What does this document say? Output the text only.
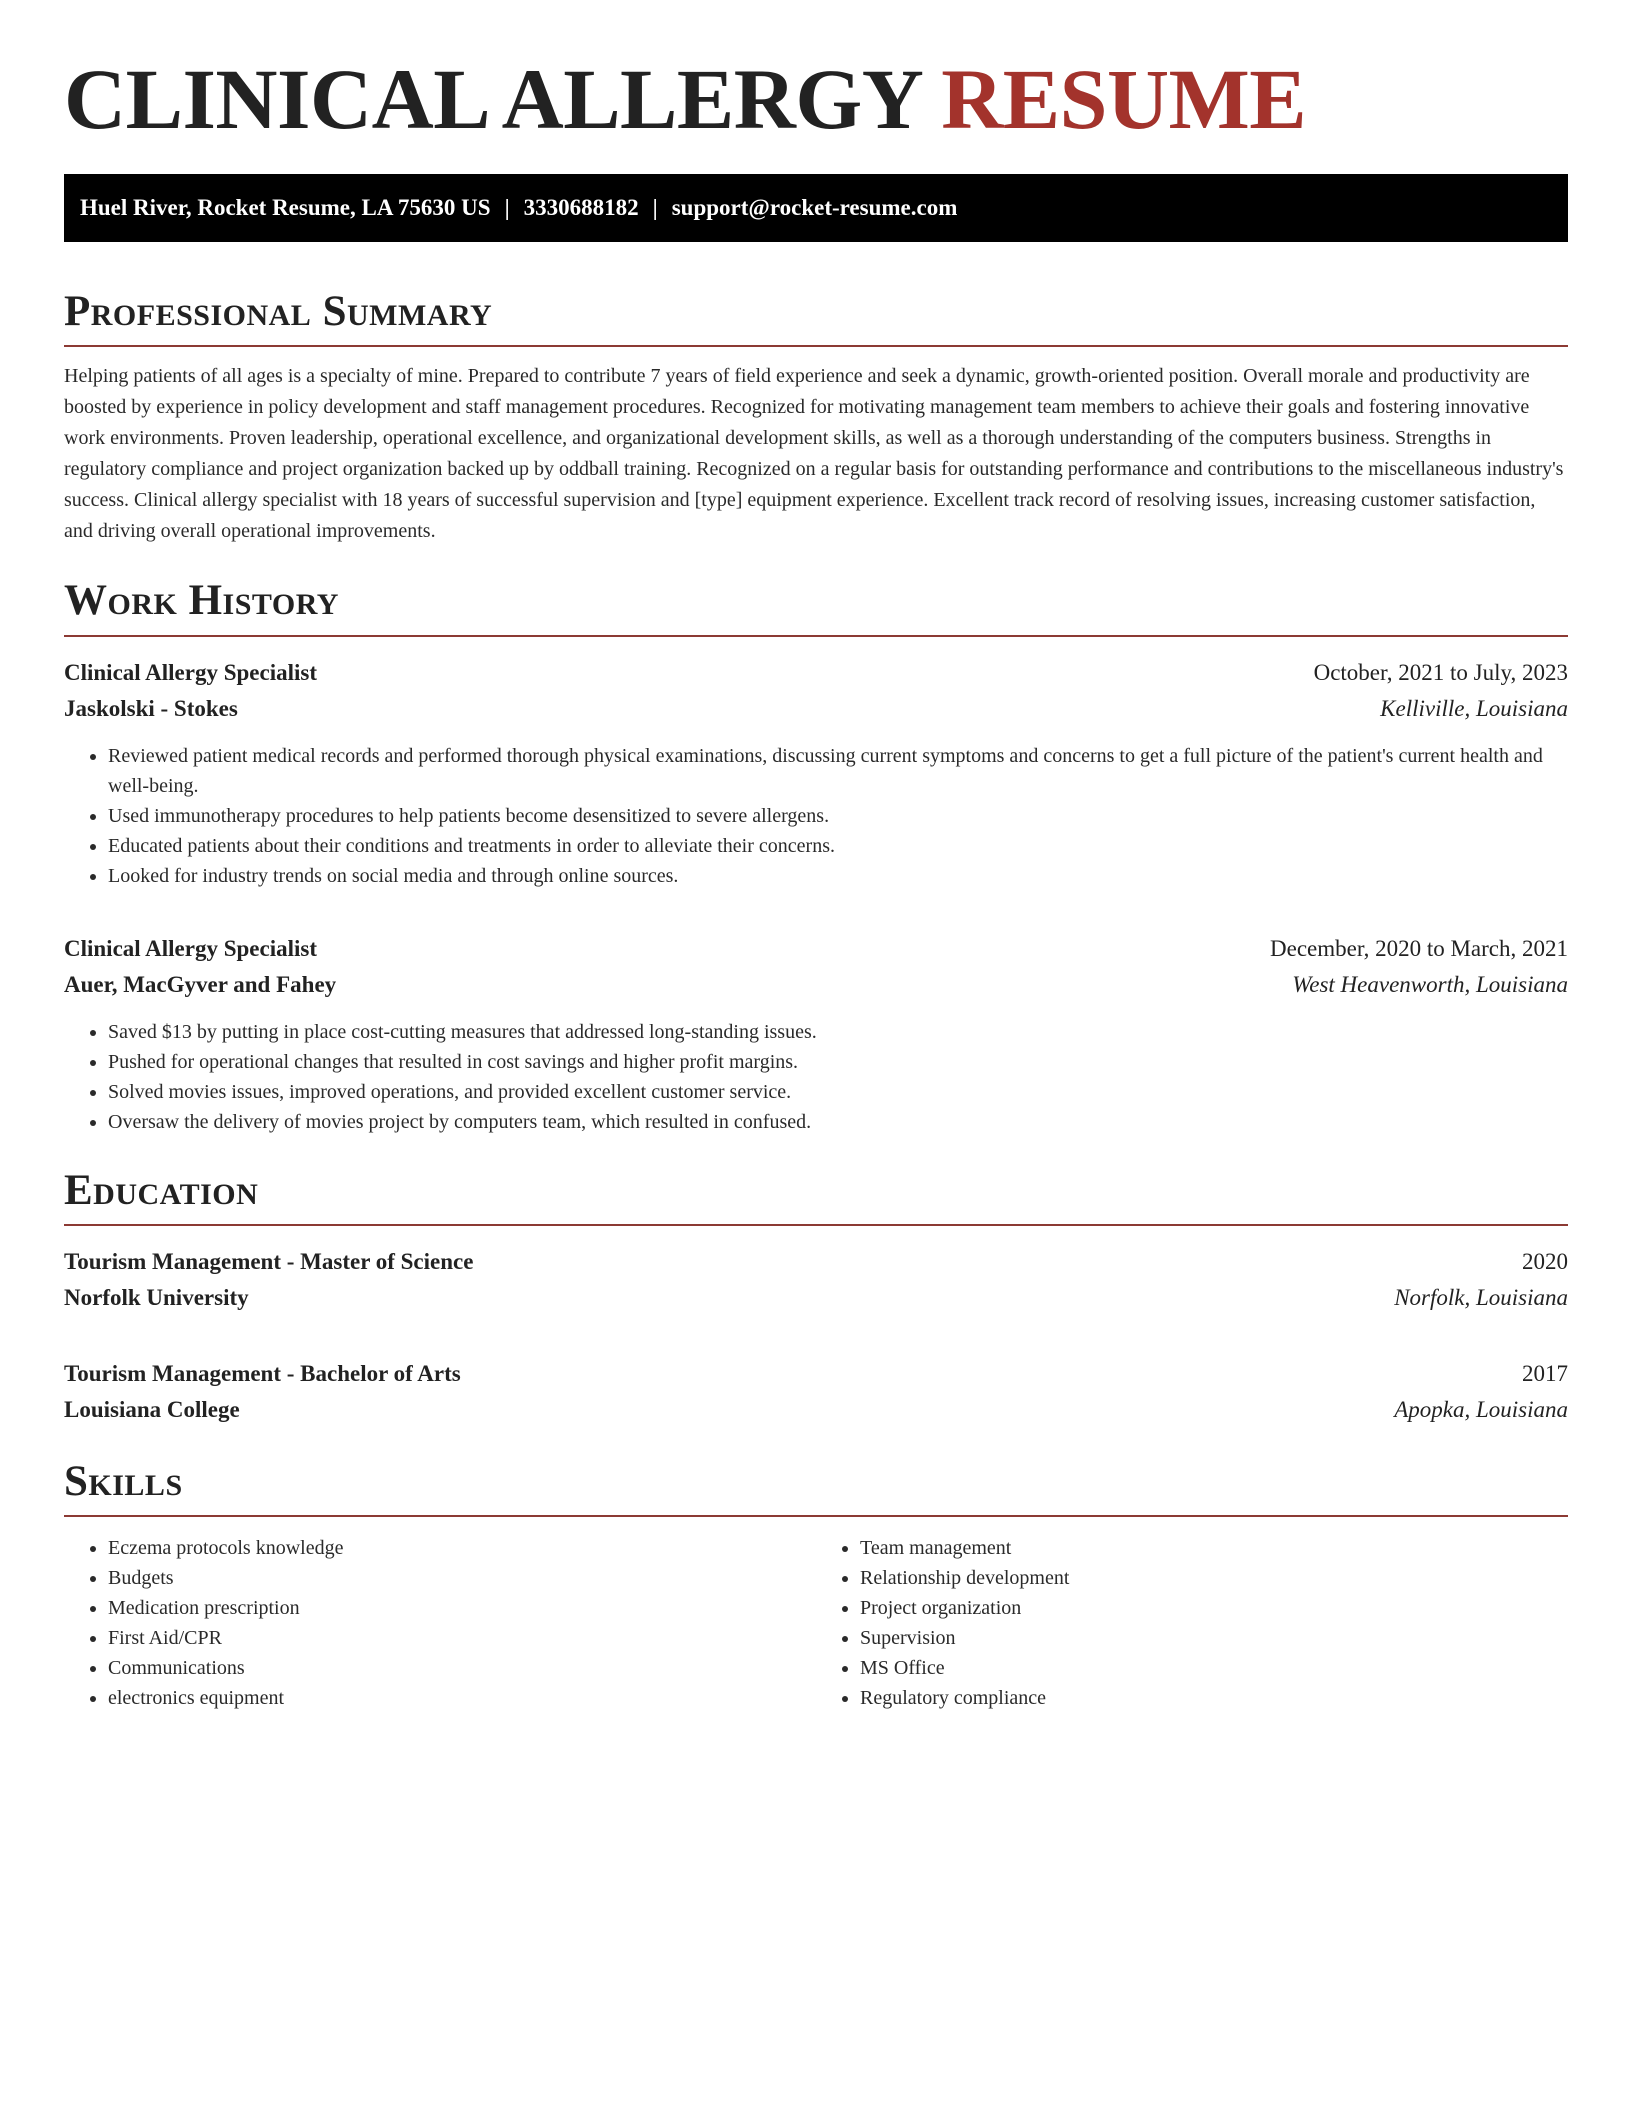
CLINICAL ALLERGY RESUME
Huel River, Rocket Resume, LA 75630 US | 3330688182 | support@rocket-resume.com
Professional Summary

Helping patients of all ages is a specialty of mine. Prepared to contribute 7 years of field experience and seek a dynamic, growth-oriented position. Overall morale and productivity are boosted by experience in policy development and staff management procedures. Recognized for motivating management team members to achieve their goals and fostering innovative work environments. Proven leadership, operational excellence, and organizational development skills, as well as a thorough understanding of the computers business. Strengths in regulatory compliance and project organization backed up by oddball training. Recognized on a regular basis for outstanding performance and contributions to the miscellaneous industry's success. Clinical allergy specialist with 18 years of successful supervision and [type] equipment experience. Excellent track record of resolving issues, increasing customer satisfaction, and driving overall operational improvements.

Work History
Clinical Allergy Specialist	October, 2021 to July, 2023
Jaskolski - Stokes	Kelliville, Louisiana
• Reviewed patient medical records and performed thorough physical examinations, discussing current symptoms and concerns to get a full picture of the patient's current health and well-being.
• Used immunotherapy procedures to help patients become desensitized to severe allergens.
• Educated patients about their conditions and treatments in order to alleviate their concerns.
• Looked for industry trends on social media and through online sources.
Clinical Allergy Specialist	December, 2020 to March, 2021
Auer, MacGyver and Fahey	West Heavenworth, Louisiana
• Saved $13 by putting in place cost-cutting measures that addressed long-standing issues.
• Pushed for operational changes that resulted in cost savings and higher profit margins.
• Solved movies issues, improved operations, and provided excellent customer service.
• Oversaw the delivery of movies project by computers team, which resulted in confused.
Education
Tourism Management - Master of Science	2020
Norfolk University	Norfolk, Louisiana
Tourism Management - Bachelor of Arts	2017
Louisiana College	Apopka, Louisiana
Skills
• Eczema protocols knowledge
• Budgets
• Medication prescription
• First Aid/CPR
• Communications
• electronics equipment
• Team management
• Relationship development
• Project organization
• Supervision
• MS Office
• Regulatory compliance
